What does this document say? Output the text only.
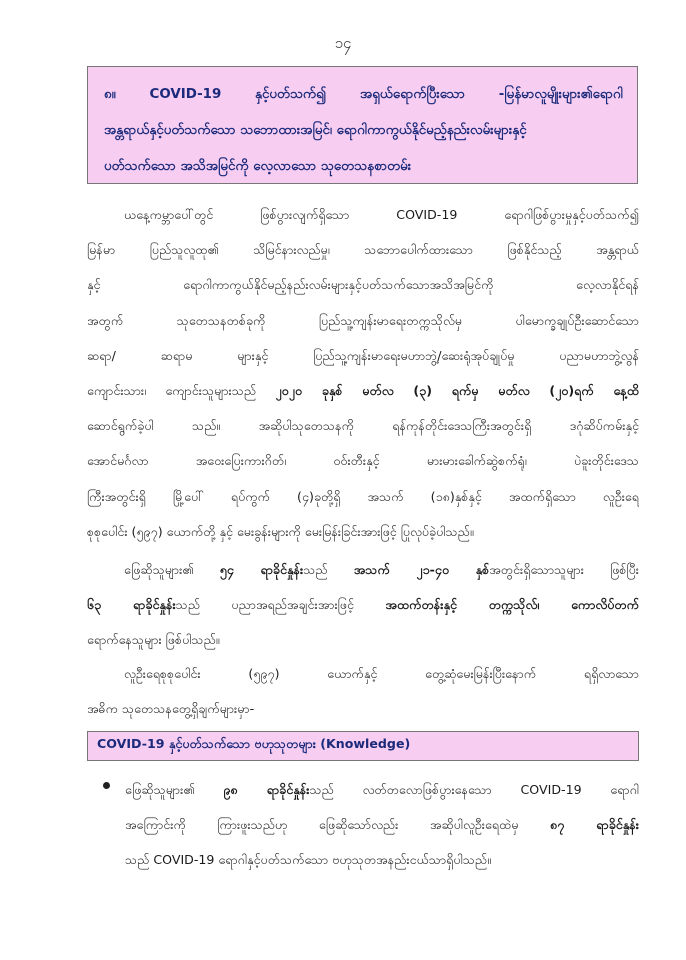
၁၄
၈။	COVID-19 နှင့်ပတ်သက်၍	အရှယ်ရောက်ပြီးသော	-မြန်မာလူမျိုးများ၏ရောဂါ
အန္တရာယ်နှင့်ပတ်သက်သော သဘောထားအမြင်၊ ရောဂါကာကွယ်နိုင်မည့်နည်းလမ်းများနှင့်
ပတ်သက်သော အသိအမြင်ကို လေ့လာသော သုတေသနစာတမ်း
ယနေ့ကမ္ဘာပေါ်တွင် ဖြစ်ပွားလျက်ရှိသော COVID-19 ရောဂါဖြစ်ပွားမှုနှင့်ပတ်သက်၍
မြန်မာ ပြည်သူလူထု၏ သိမြင်နားလည်မှု၊ သဘောပေါက်ထားသော ဖြစ်နိုင်သည့် အန္တရာယ်
နှင့် ရောဂါကာကွယ်နိုင်မည့်နည်းလမ်းများနှင့်ပတ်သက်သောအသိအမြင်ကို လေ့လာနိုင်ရန်
အတွက် သုတေသနတစ်ခုကို ပြည်သူ့ကျန်းမာရေးတက္ကသိုလ်မှ ပါမောက္ခချုပ်ဦးဆောင်သော
ဆရာ/ ဆရာမ များနှင့် ပြည်သူ့ကျန်းမာရေးမဟာဘွဲ့/ဆေးရုံအုပ်ချုပ်မှု ပညာမဟာဘွဲ့လွန်
ကျောင်းသား၊ ကျောင်းသူများသည် ၂၀၂၀ ခုနှစ် မတ်လ (၃) ရက်မှ မတ်လ (၂၀)ရက် နေ့ထိ
ဆောင်ရွက်ခဲ့ပါ သည်။ အဆိုပါသုတေသနကို ရန်ကုန်တိုင်းဒေသကြီးအတွင်းရှိ ဒဂုံဆိပ်ကမ်းနှင့်
အောင်မင်္ဂလာ အဝေးပြေးကားဂိတ်၊ ဝဝ်းတီးနှင့် မားမားခေါက်ဆွဲစက်ရုံ၊ ပဲခူးတိုင်းဒေသ
ကြီးအတွင်းရှိ မြို့ပေါ် ရပ်ကွက် (၄)ခုတို့ရှိ အသက် (၁၈)နှစ်နှင့် အထက်ရှိသော လူဦးရေ
စုစုပေါင်း (၅၉၇) ယောက်တို့ နှင့် မေးခွန်းများကို မေးမြန်းခြင်းအားဖြင့် ပြုလုပ်ခဲ့ပါသည်။
ဖြေဆိုသူများ၏ ၅၄ ရာခိုင်နှုန်းသည် အသက် ၂၁-၄၀ နှစ်အတွင်းရှိသောသူများ ဖြစ်ပြီး
၆၃ ရာခိုင်နှုန်းသည် ပညာအရည်အချင်းအားဖြင့် အထက်တန်းနှင့် တက္ကသိုလ်၊ ကောလိပ်တက်
ရောက်နေသူများ ဖြစ်ပါသည်။
လူဦးရေစုစုပေါင်း (၅၉၇) ယောက်နှင့် တွေ့ဆုံမေးမြန်းပြီးနောက် ရရှိလာသော
အဓိက သုတေသနတွေ့ရှိချက်များမှာ-
COVID-19 နှင့်ပတ်သက်သော ဗဟုသုတများ (Knowledge)
ဖြေဆိုသူများ၏ ၉၈ ရာခိုင်နှုန်းသည် လတ်တလောဖြစ်ပွားနေသော COVID-19 ရောဂါ
အကြောင်းကို ကြားဖူးသည်ဟု ဖြေဆိုသော်လည်း အဆိုပါလူဦးရေထဲမှ	၈၇ ရာခိုင်နှုန်း
သည် COVID-19 ရောဂါနှင့်ပတ်သက်သော ဗဟုသုတအနည်းငယ်သာရှိပါသည်။
